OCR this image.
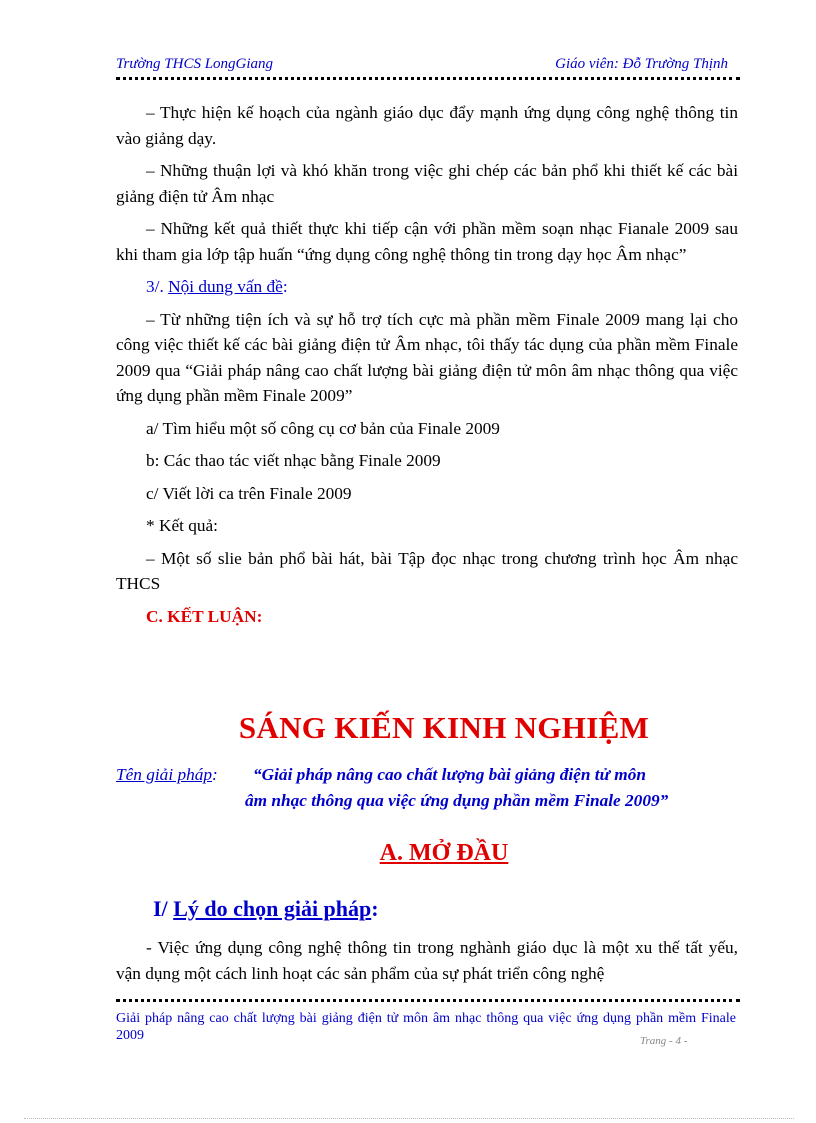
Trường THCS LongGiang	Giáo viên: Đỗ Trường Thịnh

– Thực hiện kế hoạch của ngành giáo dục đẩy mạnh ứng dụng công nghệ thông tin vào giảng dạy.

– Những thuận lợi và khó khăn trong việc ghi chép các bản phổ khi thiết kế các bài giảng điện tử Âm nhạc

– Những kết quả thiết thực khi tiếp cận với phần mềm soạn nhạc Fianale 2009 sau khi tham gia lớp tập huấn “ứng dụng công nghệ thông tin trong dạy học Âm nhạc”

3/. Nội dung vấn đề:

– Từ những tiện ích và sự hỗ trợ tích cực mà phần mềm Finale 2009 mang lại cho công việc thiết kế các bài giảng điện tử Âm nhạc, tôi thấy tác dụng của phần mềm Finale 2009 qua “Giải pháp nâng cao chất lượng bài giảng điện tử môn âm nhạc thông qua việc ứng dụng phần mềm Finale 2009”

a/ Tìm hiểu một số công cụ cơ bản của Finale 2009

b: Các thao tác viết nhạc bằng Finale 2009

c/ Viết lời ca trên Finale 2009

* Kết quả:

– Một số slie bản phổ bài hát, bài Tập đọc nhạc trong chương trình học Âm nhạc THCS

C. KẾT LUẬN:

SÁNG KIẾN KINH NGHIỆM
Tên giải pháp: “Giải pháp nâng cao chất lượng bài giảng điện tử môn
âm nhạc thông qua việc ứng dụng phần mềm Finale 2009”
A. MỞ ĐẦU
I/ Lý do chọn giải pháp:

- Việc ứng dụng công nghệ thông tin trong nghành giáo dục là một xu thế tất yếu, vận dụng một cách linh hoạt các sản phẩm của sự phát triển công nghệ

Giải pháp nâng cao chất lượng bài giảng điện tử môn âm nhạc thông qua việc ứng dụng phần mềm Finale 2009	Trang - 4 -
